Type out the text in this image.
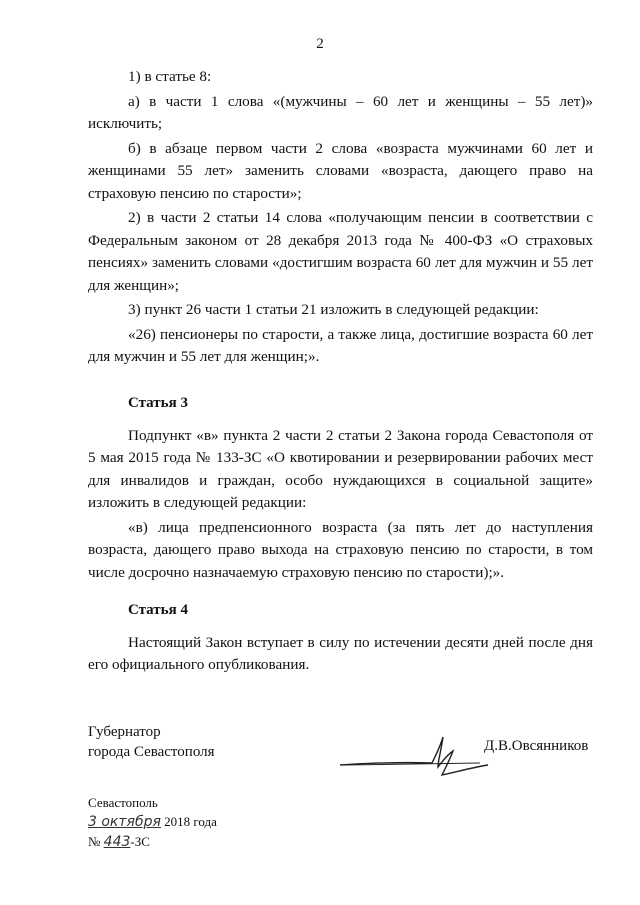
2

1) в статье 8:

а) в части 1 слова «(мужчины – 60 лет и женщины – 55 лет)» исключить;

б) в абзаце первом части 2 слова «возраста мужчинами 60 лет и женщинами 55 лет» заменить словами «возраста, дающего право на страховую пенсию по старости»;

2) в части 2 статьи 14 слова «получающим пенсии в соответствии с Федеральным законом от 28 декабря 2013 года № 400-ФЗ «О страховых пенсиях» заменить словами «достигшим возраста 60 лет для мужчин и 55 лет для женщин»;

3) пункт 26 части 1 статьи 21 изложить в следующей редакции:

«26) пенсионеры по старости, а также лица, достигшие возраста 60 лет для мужчин и 55 лет для женщин;».

Статья 3

Подпункт «в» пункта 2 части 2 статьи 2 Закона города Севастополя от 5 мая 2015 года № 133-ЗС «О квотировании и резервировании рабочих мест для инвалидов и граждан, особо нуждающихся в социальной защите» изложить в следующей редакции:

«в) лица предпенсионного возраста (за пять лет до наступления возраста, дающего право выхода на страховую пенсию по старости, в том числе досрочно назначаемую страховую пенсию по старости);».

Статья 4

Настоящий Закон вступает в силу по истечении десяти дней после дня его официального опубликования.

Губернатор
города Севастополя	Д.В.Овсянников
Севастополь
3 октября 2018 года
№ 443-ЗС
